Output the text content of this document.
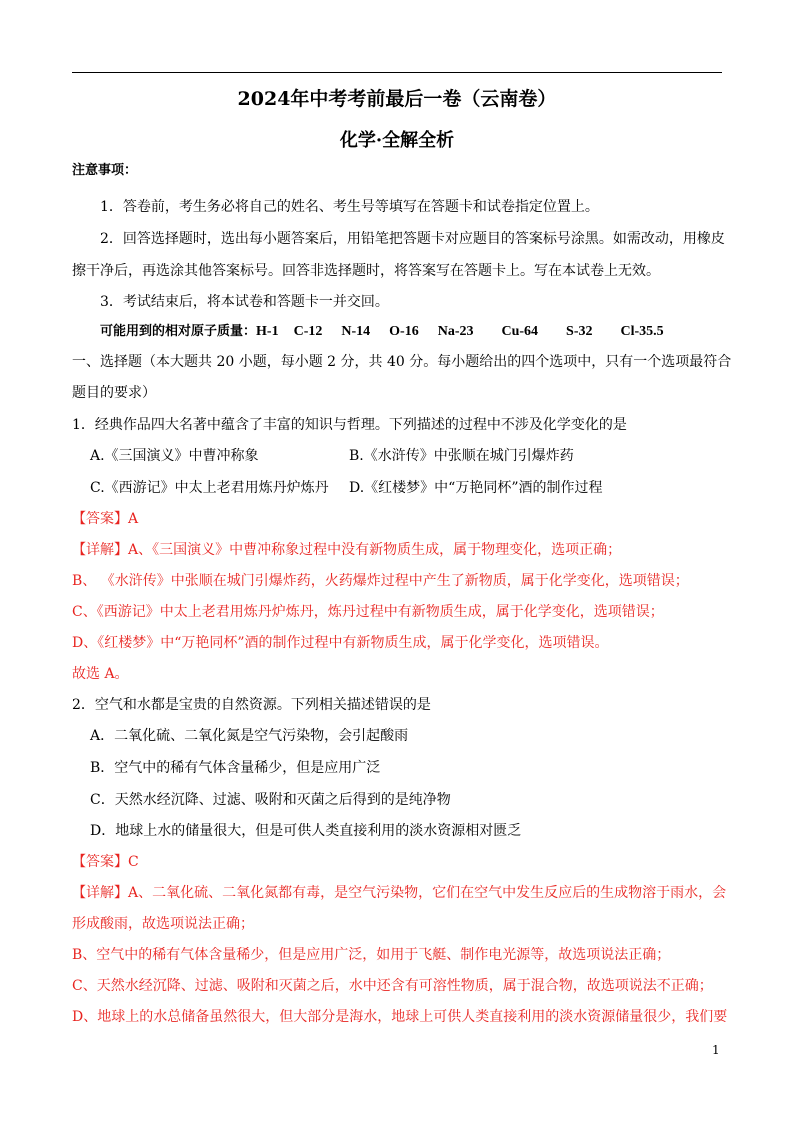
2024年中考考前最后一卷（云南卷）
化学·全解全析
注意事项：
1．答卷前，考生务必将自己的姓名、考生号等填写在答题卡和试卷指定位置上。
2．回答选择题时，选出每小题答案后，用铅笔把答题卡对应题目的答案标号涂黑。如需改动，用橡皮
擦干净后，再选涂其他答案标号。回答非选择题时，将答案写在答题卡上。写在本试卷上无效。
3．考试结束后，将本试卷和答题卡一并交回。
可能用到的相对原子质量：H-1 C-12 N-14 O-16 Na-23 Cu-64 S-32 Cl-35.5
一、选择题（本大题共 20 小题，每小题 2 分，共 40 分。每小题给出的四个选项中，只有一个选项最符合
题目的要求）
1．经典作品四大名著中蕴含了丰富的知识与哲理。下列描述的过程中不涉及化学变化的是
A.《三国演义》中曹冲称象	B.《水浒传》中张顺在城门引爆炸药
C.《西游记》中太上老君用炼丹炉炼丹 D.《红楼梦》中“万艳同杯”酒的制作过程
【答案】A
【详解】A、《三国演义》中曹冲称象过程中没有新物质生成，属于物理变化，选项正确；
B、 《水浒传》中张顺在城门引爆炸药，火药爆炸过程中产生了新物质，属于化学变化，选项错误；
C、《西游记》中太上老君用炼丹炉炼丹，炼丹过程中有新物质生成，属于化学变化，选项错误；
D、《红楼梦》中“万艳同杯”酒的制作过程中有新物质生成，属于化学变化，选项错误。
故选 A。
2．空气和水都是宝贵的自然资源。下列相关描述错误的是
A．二氧化硫、二氧化氮是空气污染物，会引起酸雨
B．空气中的稀有气体含量稀少，但是应用广泛
C．天然水经沉降、过滤、吸附和灭菌之后得到的是纯净物
D．地球上水的储量很大，但是可供人类直接利用的淡水资源相对匮乏
【答案】C
【详解】A、二氧化硫、二氧化氮都有毒，是空气污染物，它们在空气中发生反应后的生成物溶于雨水，会
形成酸雨，故选项说法正确；
B、空气中的稀有气体含量稀少，但是应用广泛，如用于飞艇、制作电光源等，故选项说法正确；
C、天然水经沉降、过滤、吸附和灭菌之后，水中还含有可溶性物质，属于混合物，故选项说法不正确；
D、地球上的水总储备虽然很大，但大部分是海水，地球上可供人类直接利用的淡水资源储量很少，我们要
1
